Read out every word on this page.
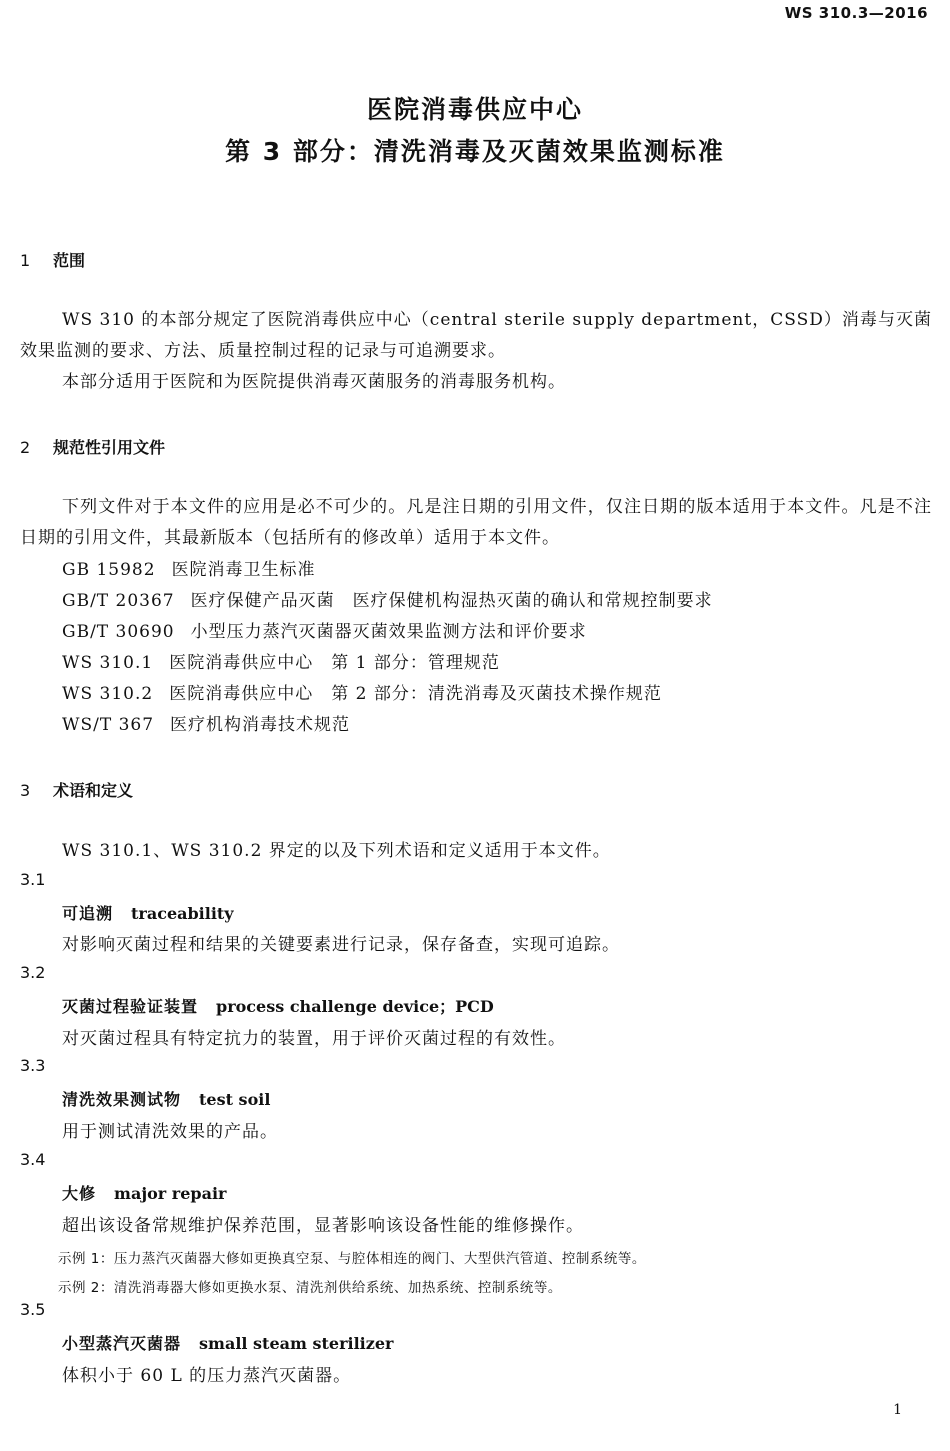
WS 310.3—2016
医院消毒供应中心
第 3 部分：清洗消毒及灭菌效果监测标准
1 范围
WS 310 的本部分规定了医院消毒供应中心（central sterile supply department，CSSD）消毒与灭菌效果监测的要求、方法、质量控制过程的记录与可追溯要求。
本部分适用于医院和为医院提供消毒灭菌服务的消毒服务机构。
2 规范性引用文件
下列文件对于本文件的应用是必不可少的。凡是注日期的引用文件，仅注日期的版本适用于本文件。凡是不注日期的引用文件，其最新版本（包括所有的修改单）适用于本文件。
GB 15982 医院消毒卫生标准
GB/T 20367 医疗保健产品灭菌　医疗保健机构湿热灭菌的确认和常规控制要求
GB/T 30690 小型压力蒸汽灭菌器灭菌效果监测方法和评价要求
WS 310.1 医院消毒供应中心　第 1 部分：管理规范
WS 310.2 医院消毒供应中心　第 2 部分：清洗消毒及灭菌技术操作规范
WS/T 367 医疗机构消毒技术规范
3 术语和定义
WS 310.1、WS 310.2 界定的以及下列术语和定义适用于本文件。
3.1
可追溯 traceability
对影响灭菌过程和结果的关键要素进行记录，保存备查，实现可追踪。
3.2
灭菌过程验证装置 process challenge device；PCD
对灭菌过程具有特定抗力的装置，用于评价灭菌过程的有效性。
3.3
清洗效果测试物 test soil
用于测试清洗效果的产品。
3.4
大修 major repair
超出该设备常规维护保养范围，显著影响该设备性能的维修操作。
示例 1：压力蒸汽灭菌器大修如更换真空泵、与腔体相连的阀门、大型供汽管道、控制系统等。
示例 2：清洗消毒器大修如更换水泵、清洗剂供给系统、加热系统、控制系统等。
3.5
小型蒸汽灭菌器 small steam sterilizer
体积小于 60 L 的压力蒸汽灭菌器。
1
